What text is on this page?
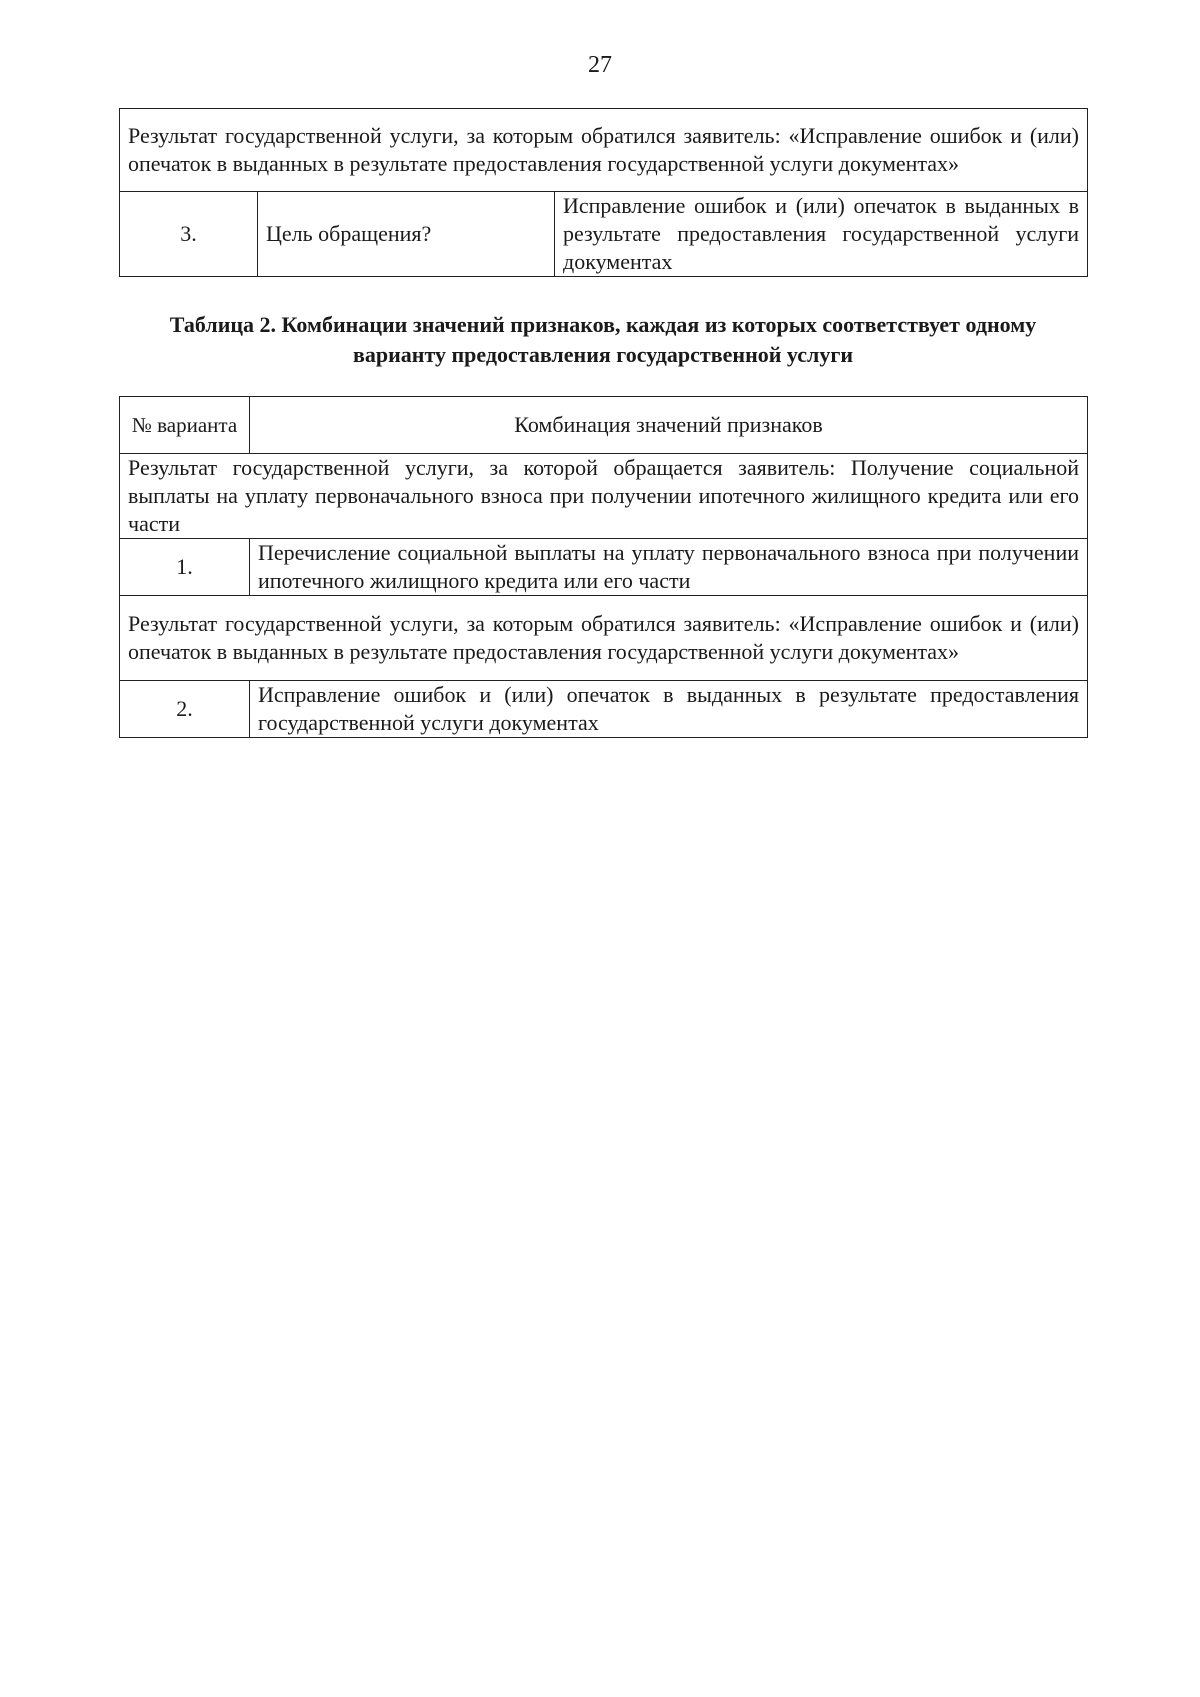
27
Результат государственной услуги, за которым обратился заявитель: «Исправление ошибок и (или) опечаток в выданных в результате предоставления государственной услуги документах»
3.	Цель обращения?	Исправление ошибок и (или) опечаток в выданных в результате предоставления государственной услуги документах
Таблица 2. Комбинации значений признаков, каждая из которых соответствует одному
варианту предоставления государственной услуги
№ варианта	Комбинация значений признаков
Результат государственной услуги, за которой обращается заявитель: Получение социальной выплаты на уплату первоначального взноса при получении ипотечного жилищного кредита или его части	
1.	Перечисление социальной выплаты на уплату первоначального взноса при получении ипотечного жилищного кредита или его части
Результат государственной услуги, за которым обратился заявитель: «Исправление ошибок и (или) опечаток в выданных в результате предоставления государственной услуги документах»	
2.	Исправление ошибок и (или) опечаток в выданных в результате предоставления государственной услуги документах
